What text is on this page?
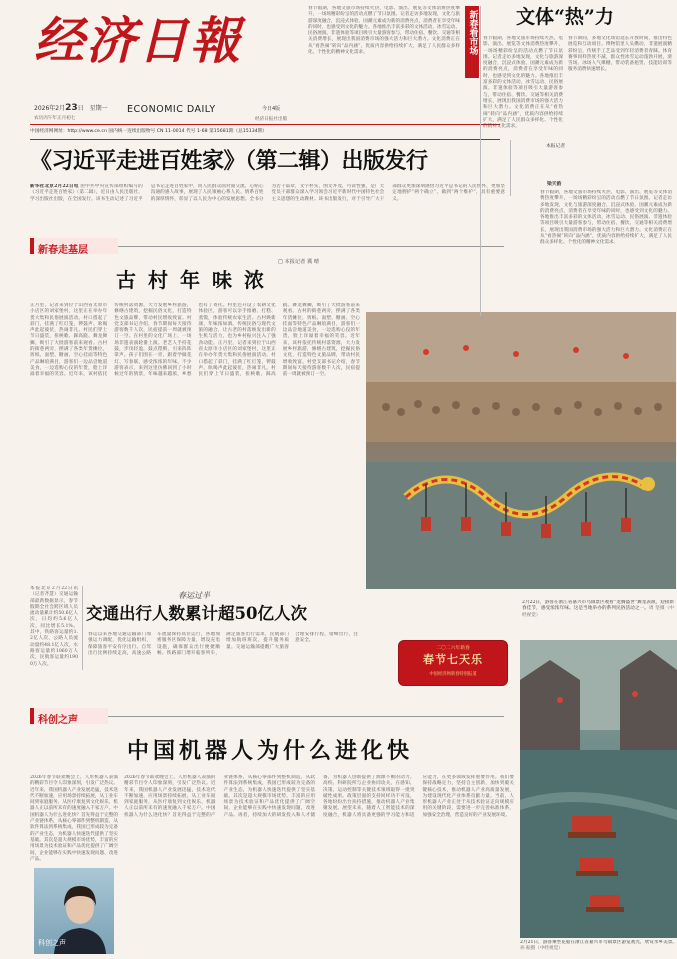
经济日報
2026年2月23日 星期一
农历丙午年正月初七
ECONOMIC DAILY	今日4版
经济日报社出版
中国经济网网址：http://www.ce.cn 国内统一连续出版物号 CN 11-0014 代号 1-68 第15681期（总15134期）
春节假期，各地文旅市场持续火热，电影、演出、展览等文体消费热度攀升，一场场精彩纷呈的活动点燃了节日氛围。记者走访多地发现，文化与旅游深度融合，沉浸式体验、国潮元素成为新的消费亮点，消费者在享受年味的同时，也感受到文化的魅力。各地推出丰富多彩的文体活动，冰雪运动、民俗展演、非遗体验等项目吸引大量游客参与，带动住宿、餐饮、交通等相关消费增长，展现出我国消费市场的强大活力和巨大潜力。文化消费正在从“看热闹”转向“品内涵”，优质内容供给持续扩大，满足了人民群众多样化、个性化的精神文化需求。
文体“热”力
新春看市场	春节期间，多地文化场馆延长开放时间，推出特色展览和互动项目。博物馆里人头攒动，非遗展演精彩纷呈，传统手工艺品受到年轻消费者青睐。体育赛事同样热度不减，群众性冰雪运动蓬勃开展，滑雪场、冰场人气爆棚，带动装备租赁、技能培训等服务消费快速增长。
本报记者
梁天韵
春节假期，各地文旅市场持续火热，电影、演出、展览等文体消费热度攀升，一场场精彩纷呈的活动点燃了节日氛围。记者走访多地发现，文化与旅游深度融合，沉浸式体验、国潮元素成为新的消费亮点，消费者在享受年味的同时，也感受到文化的魅力。各地推出丰富多彩的文体活动，冰雪运动、民俗展演、非遗体验等项目吸引大量游客参与，带动住宿、餐饮、交通等相关消费增长，展现出我国消费市场的强大活力和巨大潜力。文化消费正在从“看热闹”转向“品内涵”，优质内容供给持续扩大，满足了人民群众多样化、个性化的精神文化需求。
春节假期，各地文旅市场持续火热，电影、演出、展览等文体消费热度攀升，一场场精彩纷呈的活动点燃了节日氛围。记者走访多地发现，文化与旅游深度融合，沉浸式体验、国潮元素成为新的消费亮点，消费者在享受年味的同时，也感受到文化的魅力。各地推出丰富多彩的文体活动，冰雪运动、民俗展演、非遗体验等项目吸引大量游客参与，带动住宿、餐饮、交通等相关消费增长，展现出我国消费市场的强大活力和巨大潜力。文化消费正在从“看热闹”转向“品内涵”，优质内容供给持续扩大，满足了人民群众多样化、个性化的精神文化需求。
《习近平走进百姓家》（第二辑）出版发行
新华社北京2月22日电 由中共中央宣传部组织编写的《习近平走进百姓家》（第二辑），近日由人民出版社、学习出版社出版，在全国发行。该书生动记述了习近平总书记走进百姓家中，同人民群众面对面交流、心贴心沟通的感人故事，展现了人民领袖心系人民、情系百姓的深厚情怀，彰显了以人民为中心的发展思想。全书分为若干篇章，文字朴实，图文并茂，可读性强，是广大党员干部群众深入学习领会习近平新时代中国特色社会主义思想的生动教材。该书出版发行，对于引导广大干部群众更加深刻感悟习近平总书记的人民情怀，更加坚定地拥护“两个确立”、做到“两个维护”，具有重要意义。
新春走基层
□ 本报记者 冀 晴
古村年味浓
正月里，记者来到位于山西省太原市小店区的刘家堡村，这里正在举办年货大集和民俗展演活动。村口搭起了彩门，挂满了红灯笼，锣鼓声、吆喝声此起彼伏，热闹非凡。村民们穿上节日盛装，扭秧歌、踩高跷、舞龙舞狮，吸引了大批游客前来观看。古村的街巷两旁，摆满了各类年货摊位，剪纸、面塑、糖画、空心挂面等特色产品琳琅满目，游客们一边品尝地道美食，一边选购心仪的年货，脸上洋溢着幸福的笑容。近年来，该村依托传统村落资源，大力发展乡村旅游，修缮古建筑，挖掘民俗文化，打造特色文旅品牌，带动村民增收致富。村党支部书记介绍，春节期间每天接待游客数千人次，民宿提前一周就被预订一空。在村里的文化广场上，一场场非遗表演轮番上演。老艺人手持花鼓，步伐轻盈，鼓点铿锵，引来阵阵掌声。孩子们围在一旁，跟着学做花灯、写春联，感受浓浓的年味。不少游客表示，来到这里仿佛回到了小时候过年的情景，年味越来越浓，乡愁也有了寄托。村里还开设了农耕文化体验区，游客可以亲手推磨、打糕、蒸馍，体验传统农家生活。古村焕新颜，年味浓如酒。传统民俗与现代文旅的融合，让古老的村落焕发出新的生机与活力，也为乡村振兴注入了强劲动能。正月里，记者来到位于山西省太原市小店区的刘家堡村，这里正在举办年货大集和民俗展演活动。村口搭起了彩门，挂满了红灯笼，锣鼓声、吆喝声此起彼伏，热闹非凡。村民们穿上节日盛装，扭秧歌、踩高跷、舞龙舞狮，吸引了大批游客前来观看。古村的街巷两旁，摆满了各类年货摊位，剪纸、面塑、糖画、空心挂面等特色产品琳琅满目，游客们一边品尝地道美食，一边选购心仪的年货，脸上洋溢着幸福的笑容。近年来，该村依托传统村落资源，大力发展乡村旅游，修缮古建筑，挖掘民俗文化，打造特色文旅品牌，带动村民增收致富。村党支部书记介绍，春节期间每天接待游客数千人次，民宿提前一周就被预订一空。
2月22日，游客在浙江省嘉兴市乌镇景区观看“龙腾盛世”舞龙表演，迎接新春佳节，感受浓浓年味。这是当地举办的系列民俗活动之一。周 坚摄（中经视觉）
本报北京2月22日讯（记者齐慧）交通运输部最新数据显示，春节假期全社会跨区域人员流动量累计约50.6亿人次，日均约5.6亿人次，同比增长5.1%。其中，铁路客运量约1.2亿人次，公路人员流动量约48.1亿人次，水路客运量约1060万人次，民航客运量约1900万人次。
春运过半
交通出行人数累计超50亿人次
春运以来各地交通运输部门加强运力调配，优化运输组织，保障旅客平安有序出行。自驾出行比例持续走高，高速公路车流量保持高位运行，各地加密服务区保障力量，增设充电设施，确保群众出行便捷顺畅。铁路部门增开临客列车，满足旅客出行需求，民航部门增加航班班次，提升服务质量。交通运输部提醒广大旅客合理安排行程，错峰出行，注意安全。
二〇二六年新春
春节七天乐
中国经济网新春特别报道
科创之声
中国机器人为什么进化快
2026年春节联欢晚会上，人形机器人表演的精彩节目令人印象深刻，引发广泛热议。近年来，我国机器人产业发展迅猛，技术迭代不断加速，应用场景持续拓展，从工业车间到家庭服务，从医疗康复到文化娱乐，机器人正以前所未有的速度融入千家万户。中国机器人为什么进化快？首先得益于完整的产业链体系，从核心零部件到整机制造，从软件算法到系统集成，我国已形成较为完备的产业生态，为机器人快速迭代提供了坚实基础。其次是超大规模市场优势，丰富的应用场景为技术验证和产品优化提供了广阔空间，企业能够在实践中快速发现问题、改进产品。
科创之声
2026年春节联欢晚会上，人形机器人表演的精彩节目令人印象深刻，引发广泛热议。近年来，我国机器人产业发展迅猛，技术迭代不断加速，应用场景持续拓展，从工业车间到家庭服务，从医疗康复到文化娱乐，机器人正以前所未有的速度融入千家万户。中国机器人为什么进化快？首先得益于完整的产业链体系，从核心零部件到整机制造，从软件算法到系统集成，我国已形成较为完备的产业生态，为机器人快速迭代提供了坚实基础。其次是超大规模市场优势，丰富的应用场景为技术验证和产品优化提供了广阔空间，企业能够在实践中快速发现问题、改进产品。再者，持续加大的研发投入和人才储备，为机器人创新提供了源源不断的动力。高校、科研院所与企业协同攻关，在感知、决策、运动控制等关键技术领域取得一批突破性成果。政策层面的支持同样功不可没，各地纷纷出台扶持措施，推动机器人产业集聚发展。展望未来，随着人工智能技术的深度融合，机器人将具备更强的学习能力和适应能力，在更多领域发挥重要作用。我们要保持战略定力，坚持自主创新，加快突破关键核心技术，推动机器人产业高质量发展，为建设现代化产业体系贡献力量。当前，人形机器人产业正处于从技术验证走向规模应用的关键阶段，需要进一步完善标准体系，加强安全治理，营造良好的产业发展环境。
2月21日，游客乘坐花船在浙江省嘉兴市乌镇景区游览观光，欣赏水乡美景。孙 振摄（中经视觉）
